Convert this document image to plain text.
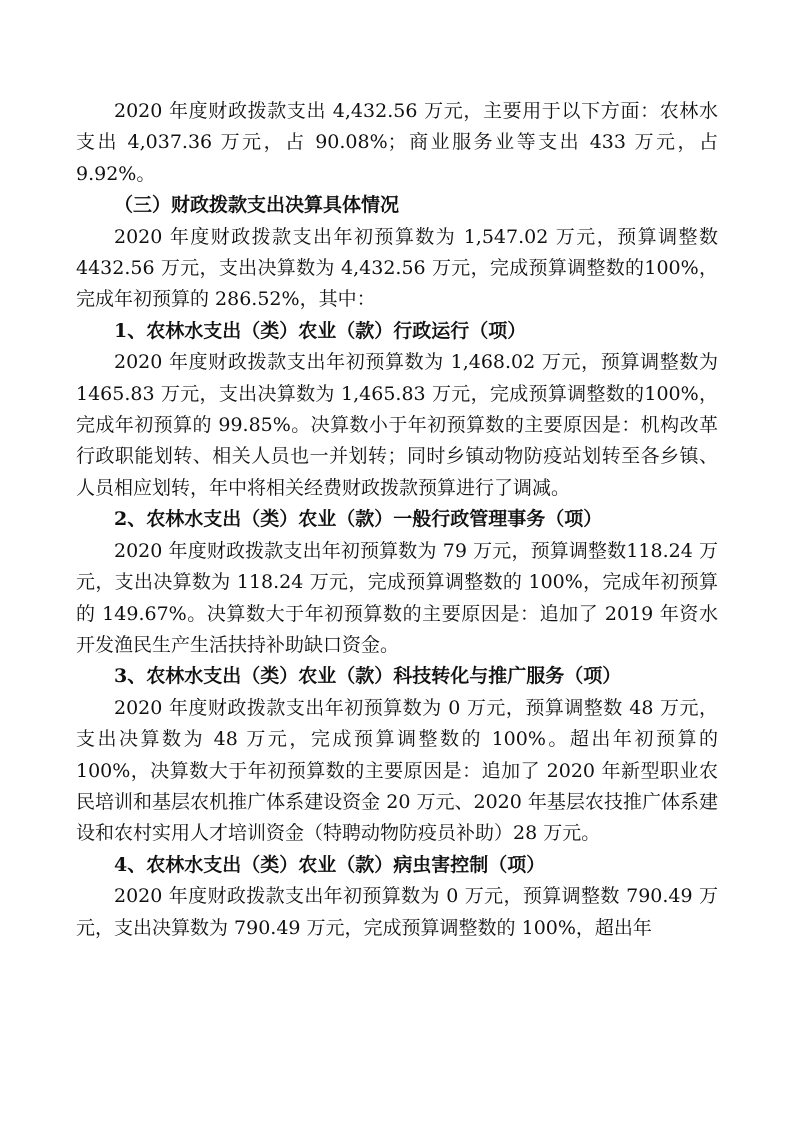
2020 年度财政拨款支出 4,432.56 万元，主要用于以下方面：农林水支出 4,037.36 万元，占 90.08%；商业服务业等支出 433 万元，占9.92%。

（三）财政拨款支出决算具体情况

2020 年度财政拨款支出年初预算数为 1,547.02 万元，预算调整数 4432.56 万元，支出决算数为 4,432.56 万元，完成预算调整数的100%，完成年初预算的 286.52%，其中：

1、农林水支出（类）农业（款）行政运行（项）

2020 年度财政拨款支出年初预算数为 1,468.02 万元，预算调整数为 1465.83 万元，支出决算数为 1,465.83 万元，完成预算调整数的100%，完成年初预算的 99.85%。决算数小于年初预算数的主要原因是：机构改革行政职能划转、相关人员也一并划转；同时乡镇动物防疫站划转至各乡镇、人员相应划转，年中将相关经费财政拨款预算进行了调减。

2、农林水支出（类）农业（款）一般行政管理事务（项）

2020 年度财政拨款支出年初预算数为 79 万元，预算调整数118.24 万元，支出决算数为 118.24 万元，完成预算调整数的 100%，完成年初预算的 149.67%。决算数大于年初预算数的主要原因是：追加了 2019 年资水开发渔民生产生活扶持补助缺口资金。

3、农林水支出（类）农业（款）科技转化与推广服务（项）

2020 年度财政拨款支出年初预算数为 0 万元，预算调整数 48 万元，支出决算数为 48 万元，完成预算调整数的 100%。超出年初预算的 100%，决算数大于年初预算数的主要原因是：追加了 2020 年新型职业农民培训和基层农机推广体系建设资金 20 万元、2020 年基层农技推广体系建设和农村实用人才培训资金（特聘动物防疫员补助）28 万元。

4、农林水支出（类）农业（款）病虫害控制（项）

2020 年度财政拨款支出年初预算数为 0 万元，预算调整数 790.49 万元，支出决算数为 790.49 万元，完成预算调整数的 100%，超出年
